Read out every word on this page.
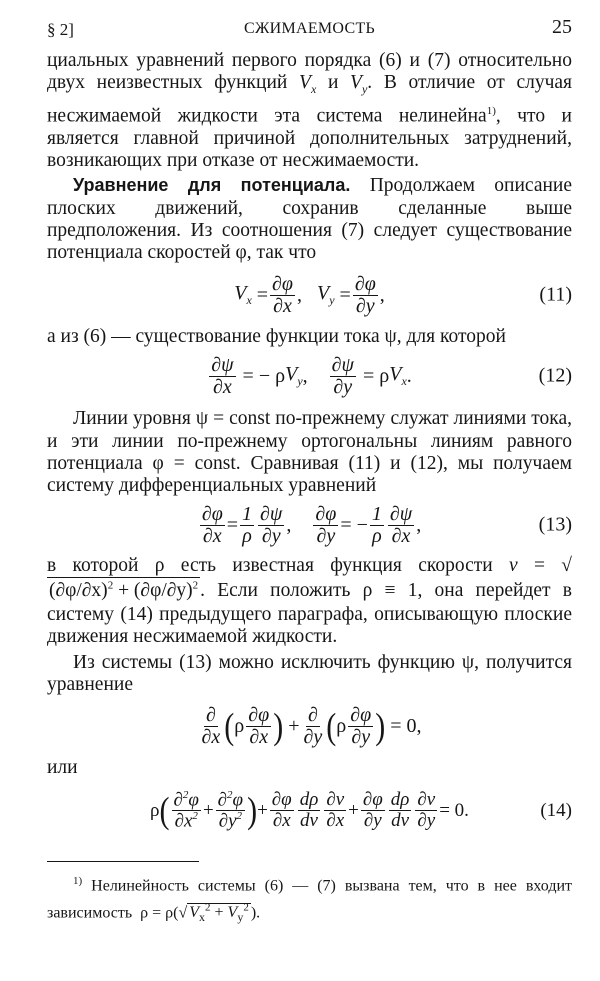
§ 2]	СЖИМАЕМОСТЬ	25

циальных уравнений первого порядка (6) и (7) относительно двух неизвестных функций $V_x$ и $V_y$. В отличие от случая несжимаемой жидкости эта система нелинейна$^{1)}$, что и является главной причиной дополнительных затруднений, возникающих при отказе от несжимаемости.

Уравнение для потенциала. Продолжаем описание плоских движений, сохранив сделанные выше предположения. Из соотношения (7) следует существование потенциала скоростей φ, так что

$V_x = \frac{\partial\varphi}{\partial x}$ , $V_y = \frac{\partial\varphi}{\partial y}$ ,	(11)

а из (6) — существование функции тока ψ, для которой

$\frac{\partial\psi}{\partial x}$ = − ρ $V_y$ , $\frac{\partial\psi}{\partial y} = \rho$ $V_x$ .	(12)

Линии уровня ψ = const по-прежнему служат линиями тока, и эти линии по-прежнему ортогональны линиям равного потенциала φ = const. Сравнивая (11) и (12), мы получаем систему дифференциальных уравнений

$\frac{\partial\varphi}{\partial x} = \frac{1}{\rho} \frac{\partial\psi}{\partial y}$ , $\frac{\partial\varphi}{\partial y}$ = − $\frac{1}{\rho} \frac{\partial\psi}{\partial x}$ ,	(13)

в которой ρ есть известная функция скорости $v = √(\partial\varphi/\partial x)^2 + (\partial\varphi/\partial y)^2$ . Если положить ρ ≡ 1, она перейдет в систему (14) предыдущего параграфа, описывающую плоские движения несжимаемой жидкости.

Из системы (13) можно исключить функцию ψ, получится уравнение

$\frac{\partial}{\partial x}$ ( ρ $\frac{\partial\varphi}{\partial x}$ ) + $\frac{\partial}{\partial y}$ ( ρ $\frac{\partial\varphi}{\partial y}$ ) = 0,

или

ρ ( $\frac{\partial^2\varphi}{\partial x^2} + \frac{\partial^2\varphi}{\partial y^2}$ ) + $\frac{\partial\varphi}{\partial x} \frac{d\rho}{dv} \frac{\partial v}{\partial x} + \frac{\partial\varphi}{\partial y} \frac{d\rho}{dv} \frac{\partial v}{\partial y} = 0$.	(14)

$^{1)}$ Нелинейность системы (6) — (7) вызвана тем, что в нее входит зависимость  ρ = ρ(√ $V_x^2 + V_y^2$ ).
